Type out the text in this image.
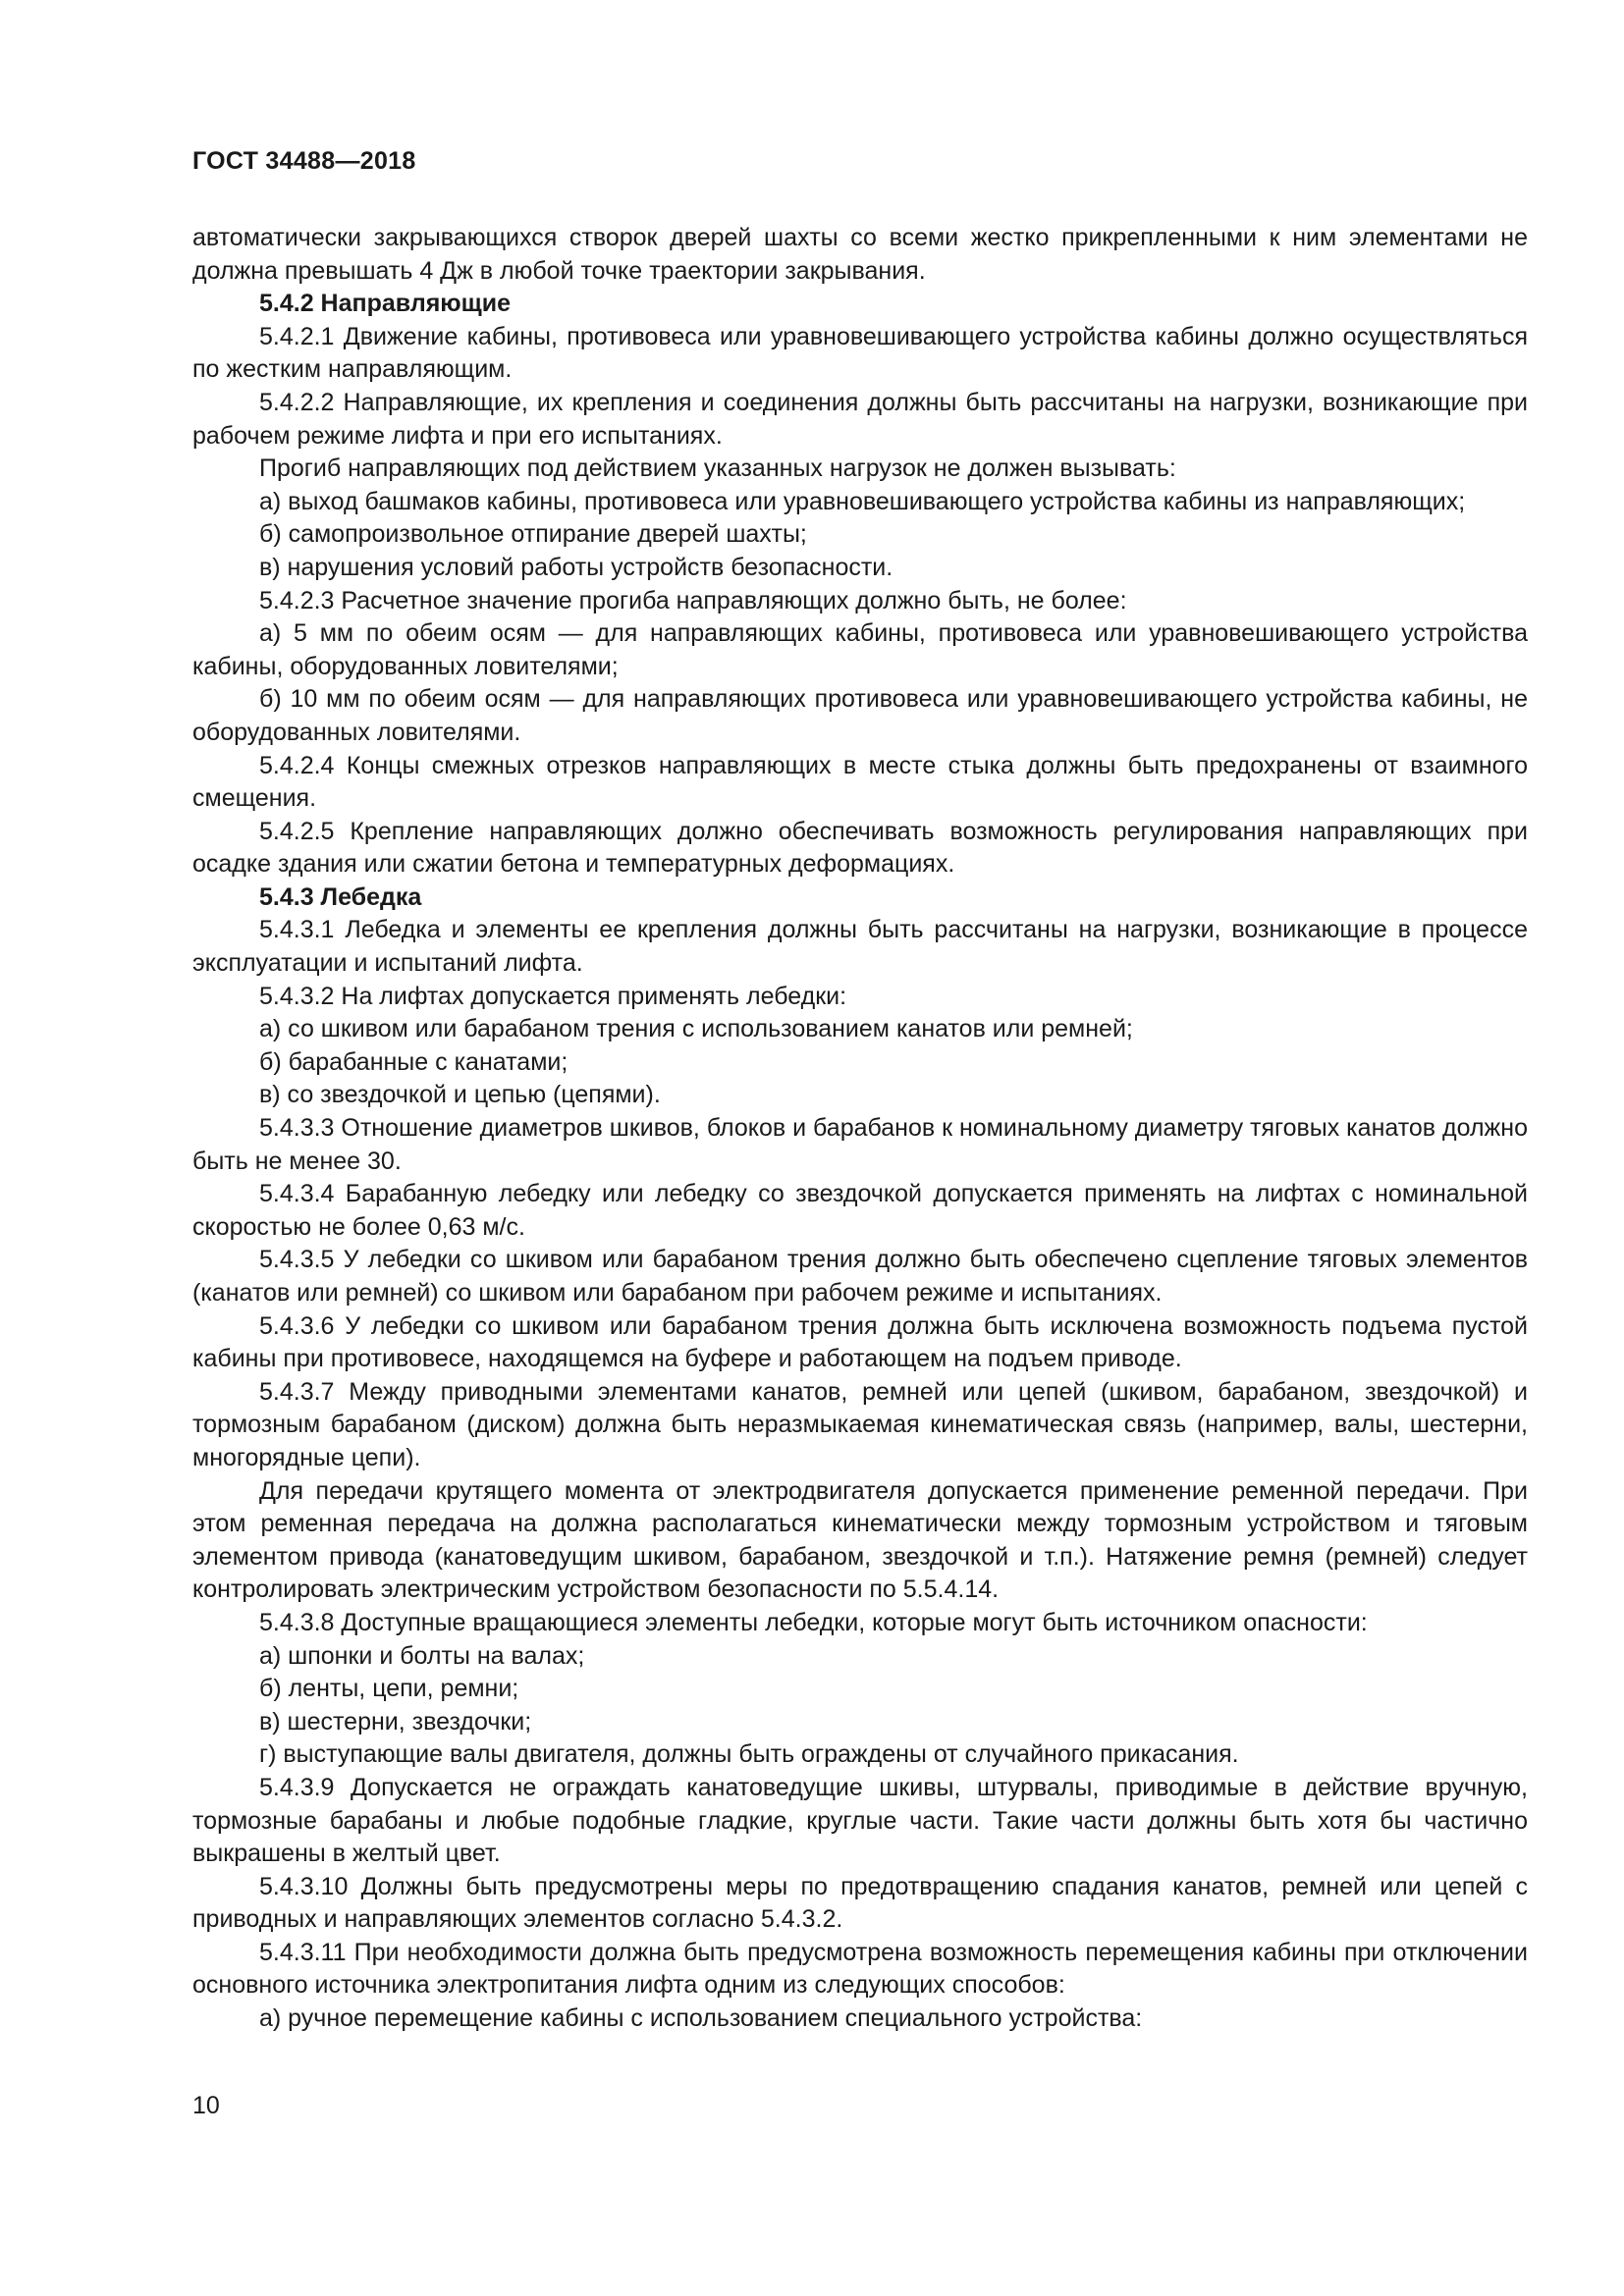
ГОСТ 34488—2018

автоматически закрывающихся створок дверей шахты со всеми жестко прикрепленными к ним элементами не должна превышать 4 Дж в любой точке траектории закрывания.

5.4.2 Направляющие

5.4.2.1 Движение кабины, противовеса или уравновешивающего устройства кабины должно осуществляться по жестким направляющим.

5.4.2.2 Направляющие, их крепления и соединения должны быть рассчитаны на нагрузки, возникающие при рабочем режиме лифта и при его испытаниях.

Прогиб направляющих под действием указанных нагрузок не должен вызывать:

а) выход башмаков кабины, противовеса или уравновешивающего устройства кабины из направляющих;

б) самопроизвольное отпирание дверей шахты;

в) нарушения условий работы устройств безопасности.

5.4.2.3 Расчетное значение прогиба направляющих должно быть, не более:

а) 5 мм по обеим осям — для направляющих кабины, противовеса или уравновешивающего устройства кабины, оборудованных ловителями;

б) 10 мм по обеим осям — для направляющих противовеса или уравновешивающего устройства кабины, не оборудованных ловителями.

5.4.2.4 Концы смежных отрезков направляющих в месте стыка должны быть предохранены от взаимного смещения.

5.4.2.5 Крепление направляющих должно обеспечивать возможность регулирования направляющих при осадке здания или сжатии бетона и температурных деформациях.

5.4.3 Лебедка

5.4.3.1 Лебедка и элементы ее крепления должны быть рассчитаны на нагрузки, возникающие в процессе эксплуатации и испытаний лифта.

5.4.3.2 На лифтах допускается применять лебедки:

а) со шкивом или барабаном трения с использованием канатов или ремней;

б) барабанные с канатами;

в) со звездочкой и цепью (цепями).

5.4.3.3 Отношение диаметров шкивов, блоков и барабанов к номинальному диаметру тяговых канатов должно быть не менее 30.

5.4.3.4 Барабанную лебедку или лебедку со звездочкой допускается применять на лифтах с номинальной скоростью не более 0,63 м/с.

5.4.3.5 У лебедки со шкивом или барабаном трения должно быть обеспечено сцепление тяговых элементов (канатов или ремней) со шкивом или барабаном при рабочем режиме и испытаниях.

5.4.3.6 У лебедки со шкивом или барабаном трения должна быть исключена возможность подъема пустой кабины при противовесе, находящемся на буфере и работающем на подъем приводе.

5.4.3.7 Между приводными элементами канатов, ремней или цепей (шкивом, барабаном, звездочкой) и тормозным барабаном (диском) должна быть неразмыкаемая кинематическая связь (например, валы, шестерни, многорядные цепи).

Для передачи крутящего момента от электродвигателя допускается применение ременной передачи. При этом ременная передача на должна располагаться кинематически между тормозным устройством и тяговым элементом привода (канатоведущим шкивом, барабаном, звездочкой и т.п.). Натяжение ремня (ремней) следует контролировать электрическим устройством безопасности по 5.5.4.14.

5.4.3.8 Доступные вращающиеся элементы лебедки, которые могут быть источником опасности:

а) шпонки и болты на валах;

б) ленты, цепи, ремни;

в) шестерни, звездочки;

г) выступающие валы двигателя, должны быть ограждены от случайного прикасания.

5.4.3.9 Допускается не ограждать канатоведущие шкивы, штурвалы, приводимые в действие вручную, тормозные барабаны и любые подобные гладкие, круглые части. Такие части должны быть хотя бы частично выкрашены в желтый цвет.

5.4.3.10 Должны быть предусмотрены меры по предотвращению спадания канатов, ремней или цепей с приводных и направляющих элементов согласно 5.4.3.2.

5.4.3.11 При необходимости должна быть предусмотрена возможность перемещения кабины при отключении основного источника электропитания лифта одним из следующих способов:

а) ручное перемещение кабины с использованием специального устройства:

10
